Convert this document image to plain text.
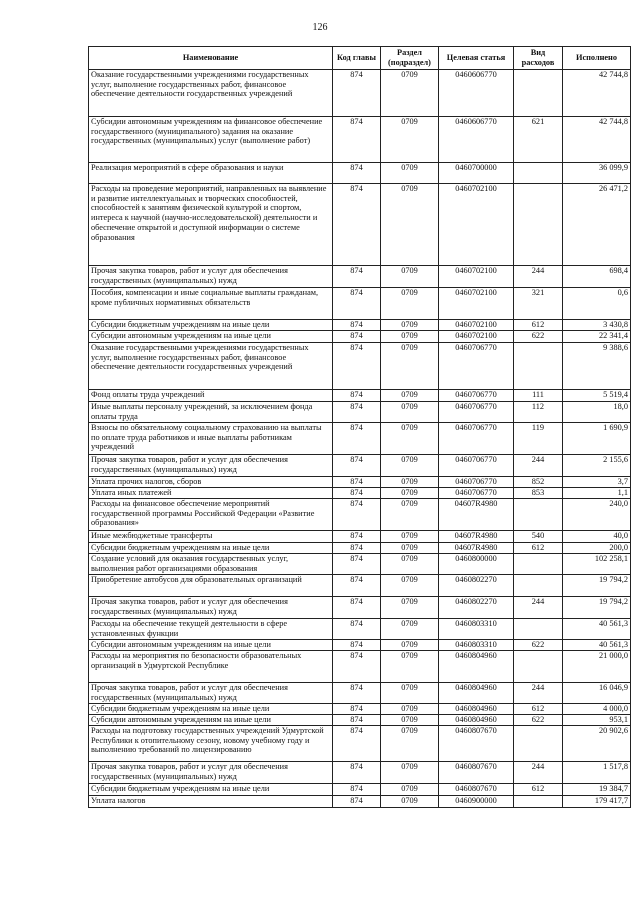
126
Наименование	Код главы	Раздел (подраздел)	Целевая статья	Вид расходов	Исполнено
Оказание государственными учреждениями государственных услуг, выполнение государственных работ, финансовое обеспечение деятельности государственных учреждений	874	0709	0460606770		42 744,8
Субсидии автономным учреждениям на финансовое обеспечение государственного (муниципального) задания на оказание государственных (муниципальных) услуг (выполнение работ)	874	0709	0460606770	621	42 744,8
Реализация мероприятий в сфере образования и науки	874	0709	0460700000		36 099,9
Расходы на проведение мероприятий, направленных на выявление и развитие интеллектуальных и творческих способностей, способностей к занятиям физической культурой и спортом, интереса к научной (научно-исследовательской) деятельности и обеспечение открытой и доступной информации о системе образования	874	0709	0460702100		26 471,2
Прочая закупка товаров, работ и услуг для обеспечения государственных (муниципальных) нужд	874	0709	0460702100	244	698,4
Пособия, компенсации и иные социальные выплаты гражданам, кроме публичных нормативных обязательств	874	0709	0460702100	321	0,6
Субсидии бюджетным учреждениям на иные цели	874	0709	0460702100	612	3 430,8
Субсидии автономным учреждениям на иные цели	874	0709	0460702100	622	22 341,4
Оказание государственными учреждениями государственных услуг, выполнение государственных работ, финансовое обеспечение деятельности государственных учреждений	874	0709	0460706770		9 388,6
Фонд оплаты труда учреждений	874	0709	0460706770	111	5 519,4
Иные выплаты персоналу учреждений, за исключением фонда оплаты труда	874	0709	0460706770	112	18,0
Взносы по обязательному социальному страхованию на выплаты по оплате труда работников и иные выплаты работникам учреждений	874	0709	0460706770	119	1 690,9
Прочая закупка товаров, работ и услуг для обеспечения государственных (муниципальных) нужд	874	0709	0460706770	244	2 155,6
Уплата прочих налогов, сборов	874	0709	0460706770	852	3,7
Уплата иных платежей	874	0709	0460706770	853	1,1
Расходы на финансовое обеспечение мероприятий государственной программы Российской Федерации «Развитие образования»	874	0709	04607R4980		240,0
Иные межбюджетные трансферты	874	0709	04607R4980	540	40,0
Субсидии бюджетным учреждениям на иные цели	874	0709	04607R4980	612	200,0
Создание условий для оказания государственных услуг, выполнения работ организациями образования	874	0709	0460800000		102 258,1
Приобретение автобусов для образовательных организаций	874	0709	0460802270		19 794,2
Прочая закупка товаров, работ и услуг для обеспечения государственных (муниципальных) нужд	874	0709	0460802270	244	19 794,2
Расходы на обеспечение текущей деятельности в сфере установленных функции	874	0709	0460803310		40 561,3
Субсидии автономным учреждениям на иные цели	874	0709	0460803310	622	40 561,3
Расходы на мероприятия по безопасности образовательных организаций в Удмуртской Республике	874	0709	0460804960		21 000,0
Прочая закупка товаров, работ и услуг для обеспечения государственных (муниципальных) нужд	874	0709	0460804960	244	16 046,9
Субсидии бюджетным учреждениям на иные цели	874	0709	0460804960	612	4 000,0
Субсидии автономным учреждениям на иные цели	874	0709	0460804960	622	953,1
Расходы на подготовку государственных учреждений Удмуртской Республики к отопительному сезону, новому учебному году и выполнению требований по лицензированию	874	0709	0460807670		20 902,6
Прочая закупка товаров, работ и услуг для обеспечения государственных (муниципальных) нужд	874	0709	0460807670	244	1 517,8
Субсидии бюджетным учреждениям на иные цели	874	0709	0460807670	612	19 384,7
Уплата налогов	874	0709	0460900000		179 417,7
